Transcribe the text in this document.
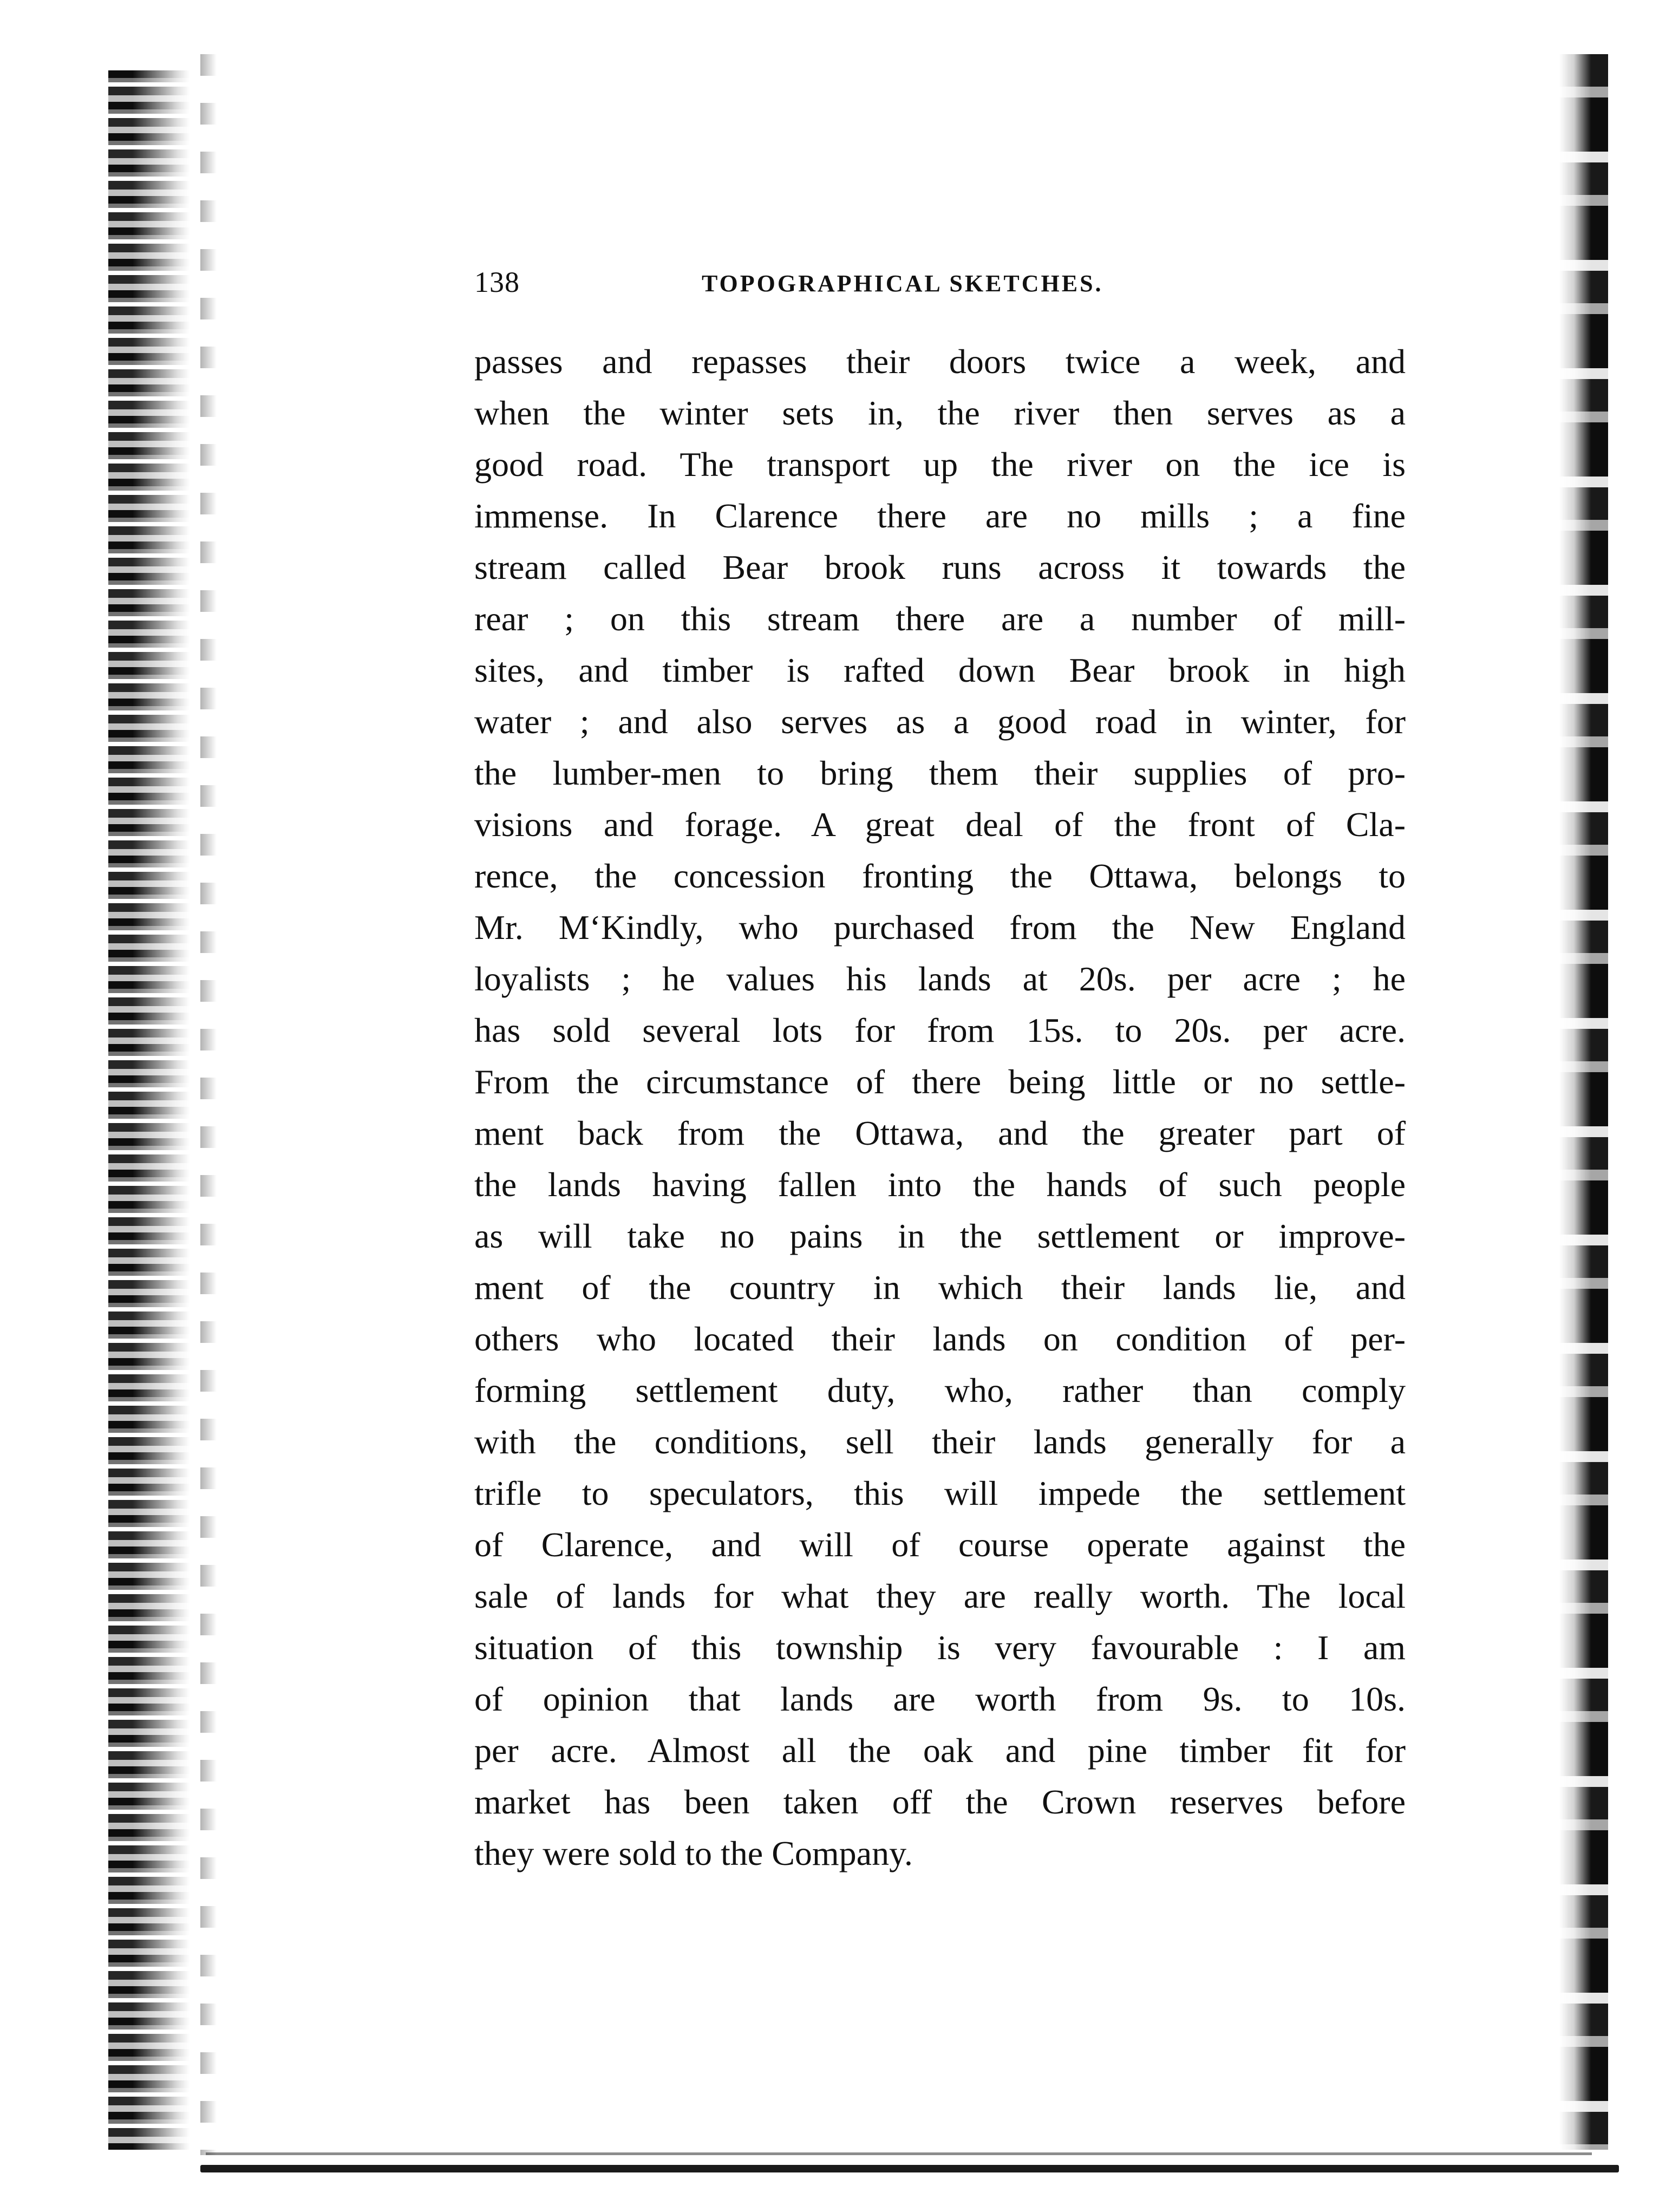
138	TOPOGRAPHICAL SKETCHES.
passes and repasses their doors twice a week, and
when the winter sets in, the river then serves as a
good road. The transport up the river on the ice is
immense. In Clarence there are no mills ; a fine
stream called Bear brook runs across it towards the
rear ; on this stream there are a number of mill-
sites, and timber is rafted down Bear brook in high
water ; and also serves as a good road in winter, for
the lumber-men to bring them their supplies of pro-
visions and forage. A great deal of the front of Cla-
rence, the concession fronting the Ottawa, belongs to
Mr. M‘Kindly, who purchased from the New England
loyalists ; he values his lands at 20s. per acre ; he
has sold several lots for from 15s. to 20s. per acre.
From the circumstance of there being little or no settle-
ment back from the Ottawa, and the greater part of
the lands having fallen into the hands of such people
as will take no pains in the settlement or improve-
ment of the country in which their lands lie, and
others who located their lands on condition of per-
forming settlement duty, who, rather than comply
with the conditions, sell their lands generally for a
trifle to speculators, this will impede the settlement
of Clarence, and will of course operate against the
sale of lands for what they are really worth. The local
situation of this township is very favourable : I am
of opinion that lands are worth from 9s. to 10s.
per acre. Almost all the oak and pine timber fit for
market has been taken off the Crown reserves before
they were sold to the Company.
